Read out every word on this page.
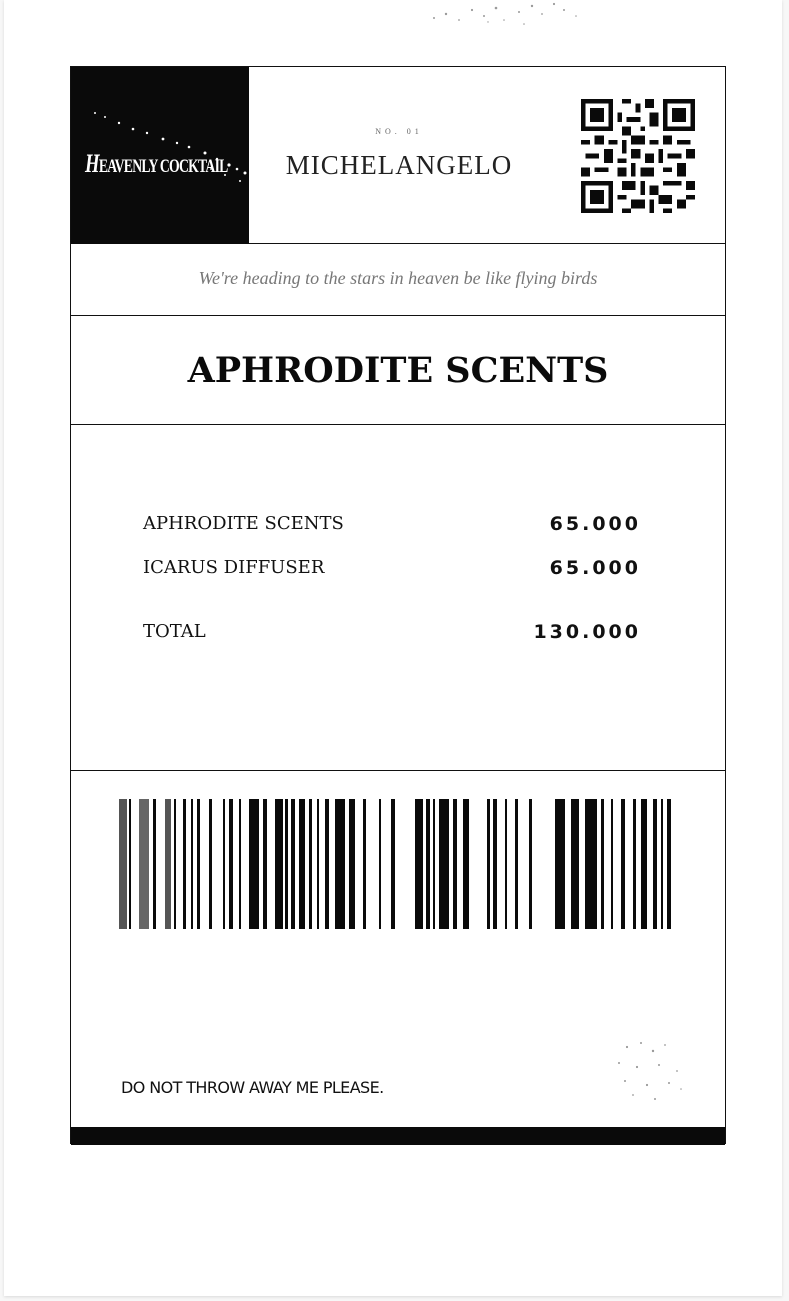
HEAVENLY COCKTAIL
NO. 01
MICHELANGELO
We're heading to the stars in heaven be like flying birds
APHRODITE SCENTS
APHRODITE SCENTS	65.000
ICARUS DIFFUSER	65.000
TOTAL	130.000
DO NOT THROW AWAY ME PLEASE.
